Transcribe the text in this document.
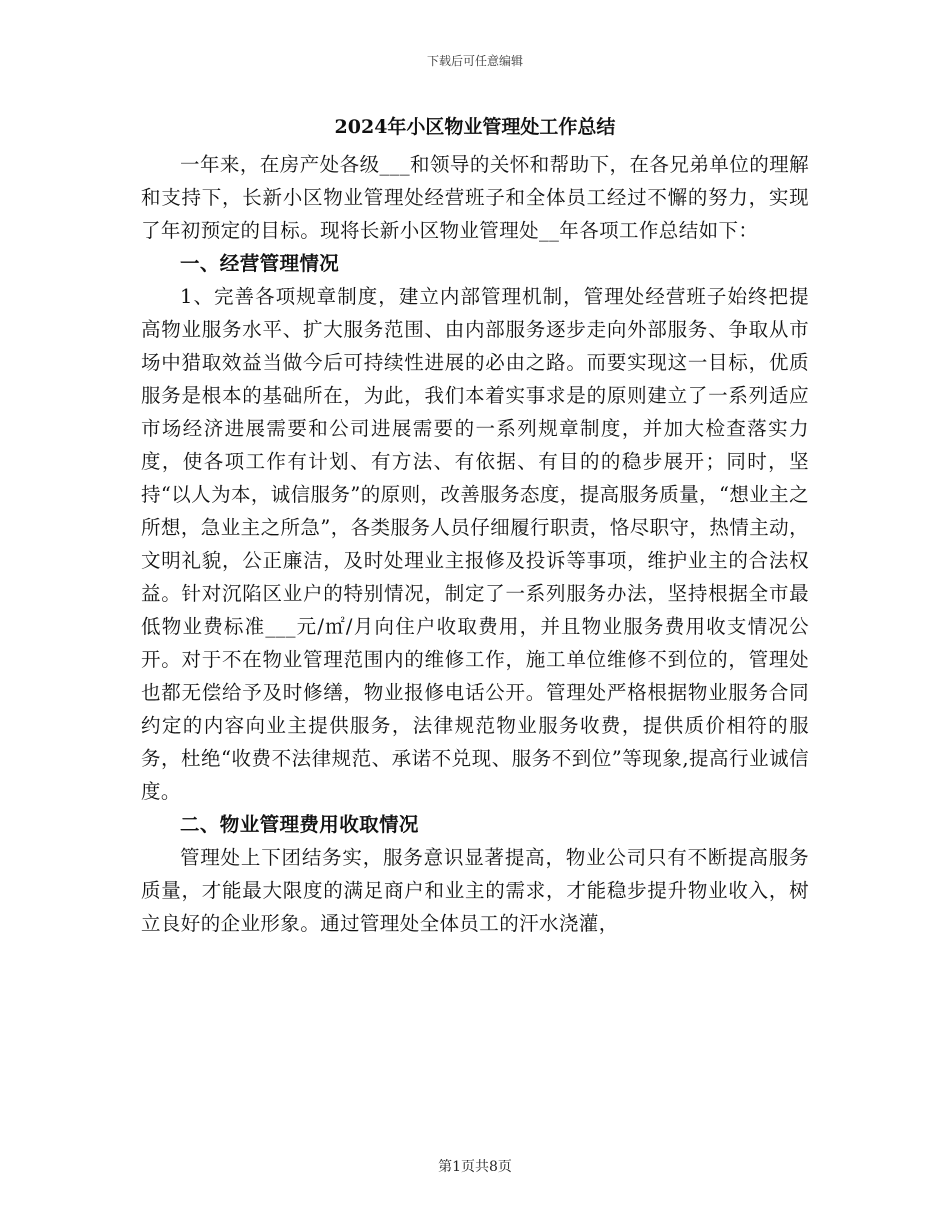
下载后可任意编辑
2024年小区物业管理处工作总结

一年来，在房产处各级___和领导的关怀和帮助下，在各兄弟单位的理解和支持下，长新小区物业管理处经营班子和全体员工经过不懈的努力，实现了年初预定的目标。现将长新小区物业管理处__年各项工作总结如下：

一、经营管理情况

1、完善各项规章制度，建立内部管理机制，管理处经营班子始终把提高物业服务水平、扩大服务范围、由内部服务逐步走向外部服务、争取从市场中猎取效益当做今后可持续性进展的必由之路。而要实现这一目标，优质服务是根本的基础所在，为此，我们本着实事求是的原则建立了一系列适应市场经济进展需要和公司进展需要的一系列规章制度，并加大检查落实力度，使各项工作有计划、有方法、有依据、有目的的稳步展开；同时，坚持“以人为本，诚信服务”的原则，改善服务态度，提高服务质量，“想业主之所想，急业主之所急”，各类服务人员仔细履行职责，恪尽职守，热情主动，文明礼貌，公正廉洁，及时处理业主报修及投诉等事项，维护业主的合法权益。针对沉陷区业户的特别情况，制定了一系列服务办法，坚持根据全市最低物业费标准___元/㎡/月向住户收取费用，并且物业服务费用收支情况公开。对于不在物业管理范围内的维修工作，施工单位维修不到位的，管理处也都无偿给予及时修缮，物业报修电话公开。管理处严格根据物业服务合同约定的内容向业主提供服务，法律规范物业服务收费，提供质价相符的服务，杜绝“收费不法律规范、承诺不兑现、服务不到位”等现象,提高行业诚信度。

二、物业管理费用收取情况

管理处上下团结务实，服务意识显著提高，物业公司只有不断提高服务质量，才能最大限度的满足商户和业主的需求，才能稳步提升物业收入，树立良好的企业形象。通过管理处全体员工的汗水浇灌，

第1页共8页
